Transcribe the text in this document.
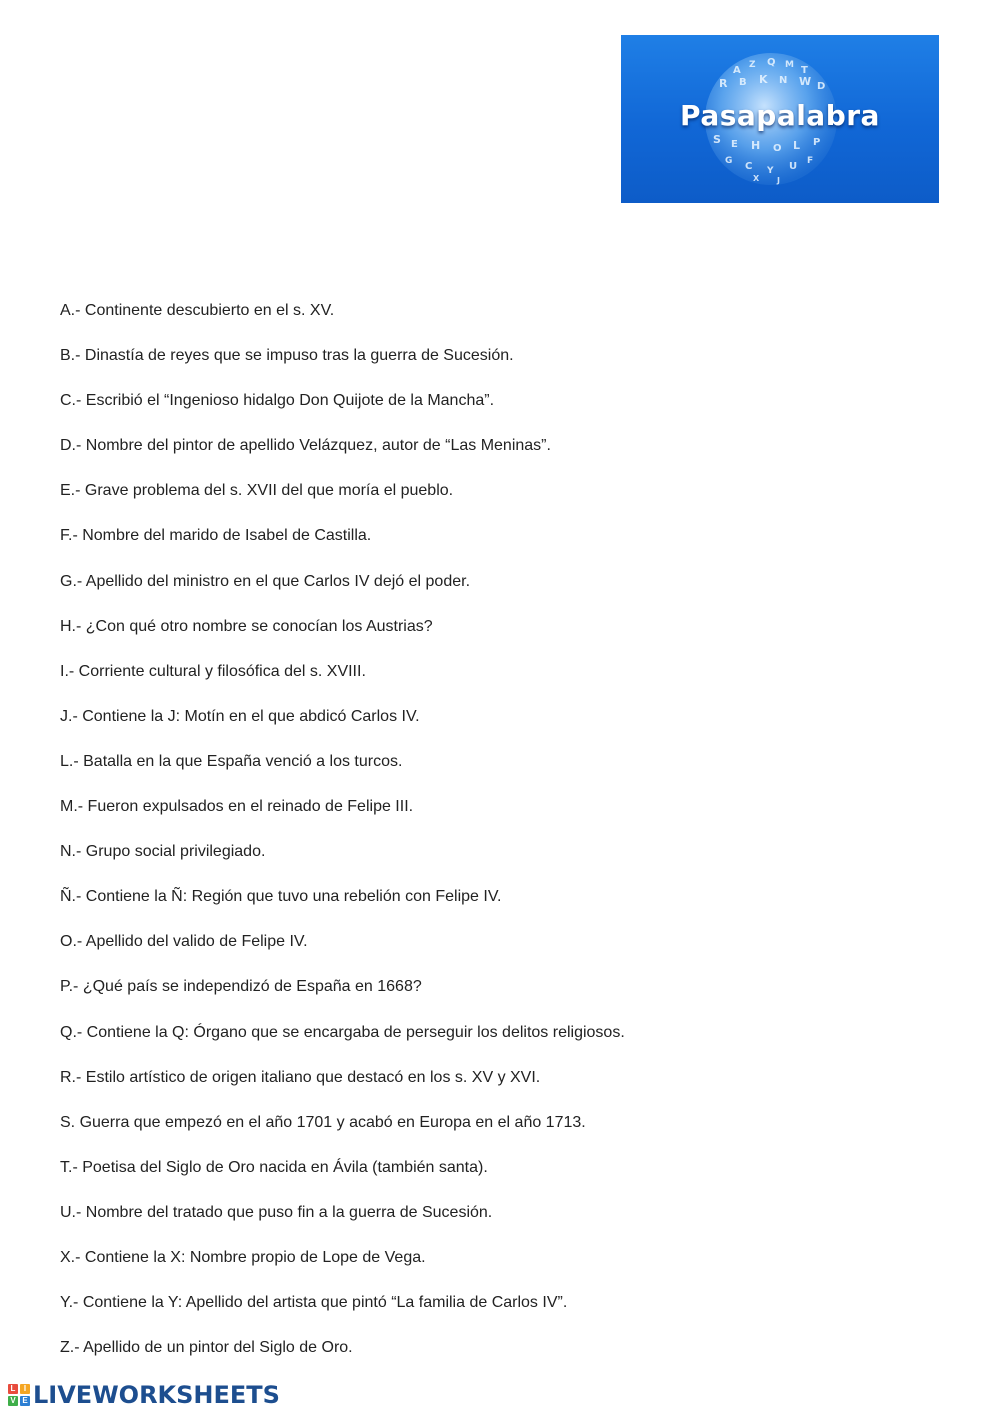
A Z Q M T
R B K N W D
S E H O L P
G C Y U F
X J
Pasapalabra
A.- Continente descubierto en el s. XV.
B.- Dinastía de reyes que se impuso tras la guerra de Sucesión.
C.- Escribió el “Ingenioso hidalgo Don Quijote de la Mancha”.
D.- Nombre del pintor de apellido Velázquez, autor de “Las Meninas”.
E.- Grave problema del s. XVII del que moría el pueblo.
F.- Nombre del marido de Isabel de Castilla.
G.- Apellido del ministro en el que Carlos IV dejó el poder.
H.- ¿Con qué otro nombre se conocían los Austrias?
I.- Corriente cultural y filosófica del s. XVIII.
J.- Contiene la J: Motín en el que abdicó Carlos IV.
L.- Batalla en la que España venció a los turcos.
M.- Fueron expulsados en el reinado de Felipe III.
N.- Grupo social privilegiado.
Ñ.- Contiene la Ñ: Región que tuvo una rebelión con Felipe IV.
O.- Apellido del valido de Felipe IV.
P.- ¿Qué país se independizó de España en 1668?
Q.- Contiene la Q: Órgano que se encargaba de perseguir los delitos religiosos.
R.- Estilo artístico de origen italiano que destacó en los s. XV y XVI.
S. Guerra que empezó en el año 1701 y acabó en Europa en el año 1713.
T.- Poetisa del Siglo de Oro nacida en Ávila (también santa).
U.- Nombre del tratado que puso fin a la guerra de Sucesión.
X.- Contiene la X: Nombre propio de Lope de Vega.
Y.- Contiene la Y: Apellido del artista que pintó “La familia de Carlos IV”.
Z.- Apellido de un pintor del Siglo de Oro.
L	I
V E LIVEWORKSHEETS
